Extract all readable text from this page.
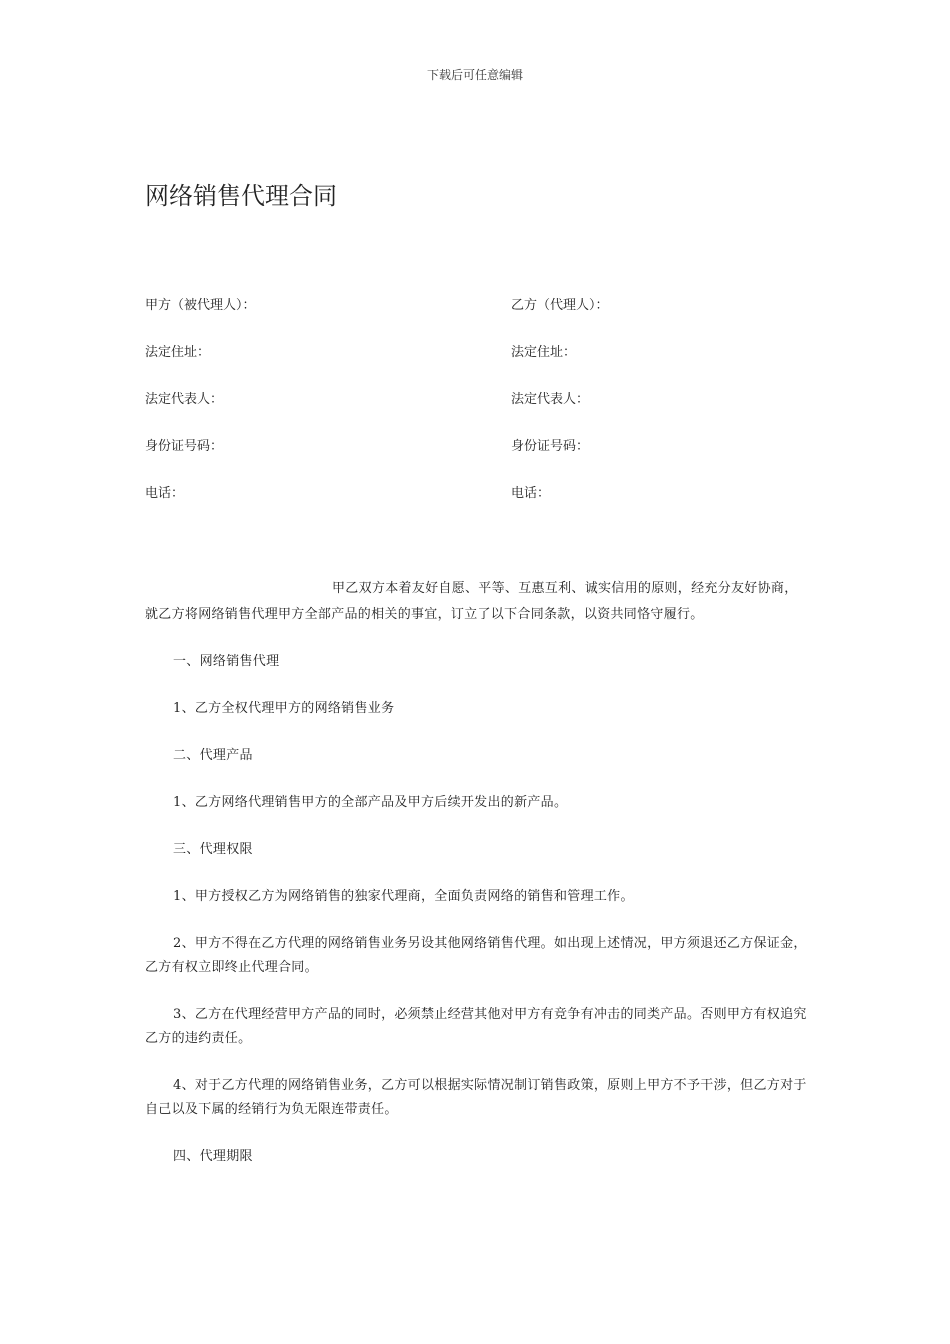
下载后可任意编辑
网络销售代理合同
甲方（被代理人）：	乙方（代理人）：
法定住址：	法定住址：
法定代表人：	法定代表人：
身份证号码：	身份证号码：
电话：	电话：

甲乙双方本着友好自愿、平等、互惠互利、诚实信用的原则，经充分友好协商，就乙方将网络销售代理甲方全部产品的相关的事宜，订立了以下合同条款，以资共同恪守履行。

一、网络销售代理

1、乙方全权代理甲方的网络销售业务

二、代理产品

1、乙方网络代理销售甲方的全部产品及甲方后续开发出的新产品。

三、代理权限

1、甲方授权乙方为网络销售的独家代理商，全面负责网络的销售和管理工作。

2、甲方不得在乙方代理的网络销售业务另设其他网络销售代理。如出现上述情况，甲方须退还乙方保证金，乙方有权立即终止代理合同。

3、乙方在代理经营甲方产品的同时，必须禁止经营其他对甲方有竞争有冲击的同类产品。否则甲方有权追究乙方的违约责任。

4、对于乙方代理的网络销售业务，乙方可以根据实际情况制订销售政策，原则上甲方不予干涉，但乙方对于自己以及下属的经销行为负无限连带责任。

四、代理期限
